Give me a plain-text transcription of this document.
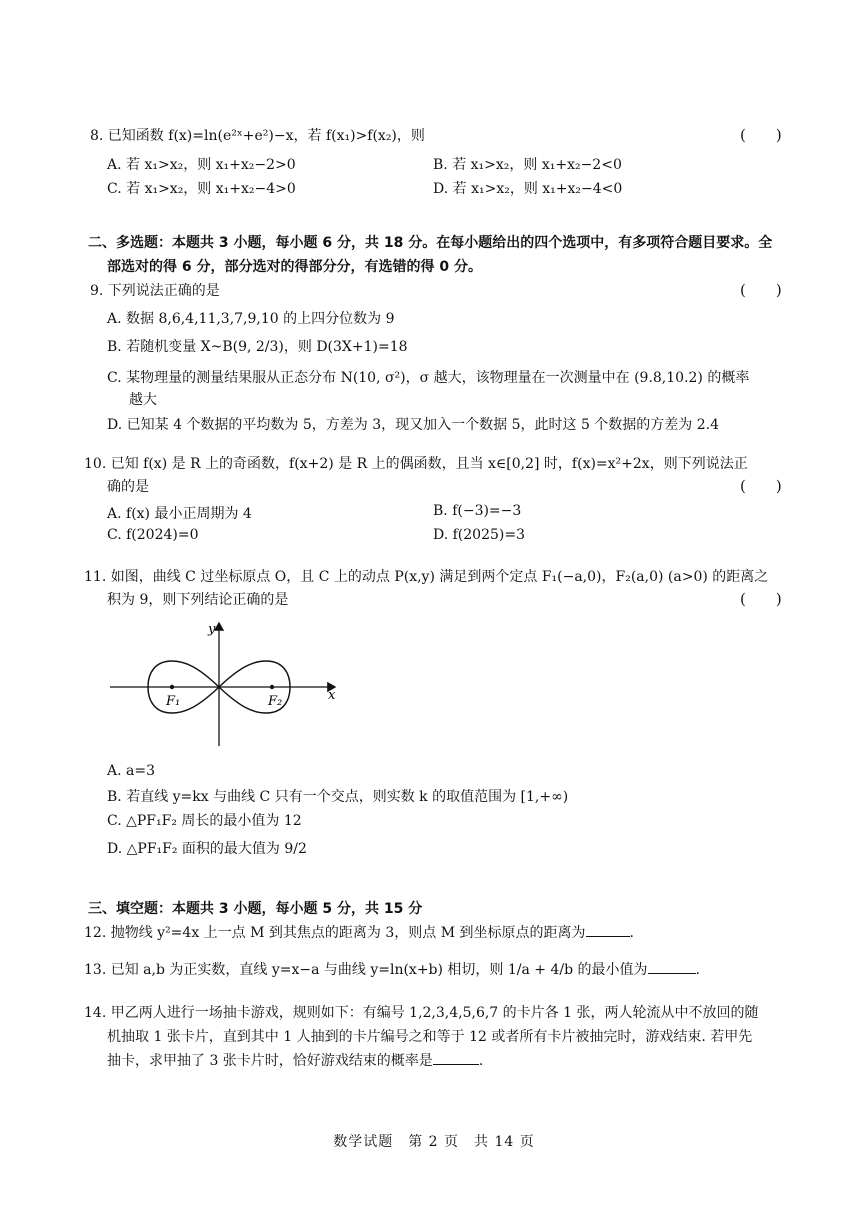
8. 已知函数 f(x)=ln(e²ˣ+e²)−x，若 f(x₁)>f(x₂)，则	(　　)
A. 若 x₁>x₂，则 x₁+x₂−2>0	B. 若 x₁>x₂，则 x₁+x₂−2<0
C. 若 x₁>x₂，则 x₁+x₂−4>0	D. 若 x₁>x₂，则 x₁+x₂−4<0
二、多选题：本题共 3 小题，每小题 6 分，共 18 分。在每小题给出的四个选项中，有多项符合题目要求。全
部选对的得 6 分，部分选对的得部分分，有选错的得 0 分。
9. 下列说法正确的是	(　　)
A. 数据 8,6,4,11,3,7,9,10 的上四分位数为 9
B. 若随机变量 X~B(9, 2/3)，则 D(3X+1)=18
C. 某物理量的测量结果服从正态分布 N(10, σ²)，σ 越大，该物理量在一次测量中在 (9.8,10.2) 的概率
越大
D. 已知某 4 个数据的平均数为 5，方差为 3，现又加入一个数据 5，此时这 5 个数据的方差为 2.4
10. 已知 f(x) 是 R 上的奇函数，f(x+2) 是 R 上的偶函数，且当 x∈[0,2] 时，f(x)=x²+2x，则下列说法正
确的是	(　　)
A. f(x) 最小正周期为 4	B. f(−3)=−3
C. f(2024)=0	D. f(2025)=3
11. 如图，曲线 C 过坐标原点 O，且 C 上的动点 P(x,y) 满足到两个定点 F₁(−a,0)，F₂(a,0) (a>0) 的距离之
积为 9，则下列结论正确的是	(　　)
y
x
F₁	F₂
A. a=3
B. 若直线 y=kx 与曲线 C 只有一个交点，则实数 k 的取值范围为 [1,+∞)
C. △PF₁F₂ 周长的最小值为 12
D. △PF₁F₂ 面积的最大值为 9/2
三、填空题：本题共 3 小题，每小题 5 分，共 15 分
12. 抛物线 y²=4x 上一点 M 到其焦点的距离为 3，则点 M 到坐标原点的距离为	.
13. 已知 a,b 为正实数，直线 y=x−a 与曲线 y=ln(x+b) 相切，则 1/a + 4/b 的最小值为	.
14. 甲乙两人进行一场抽卡游戏，规则如下：有编号 1,2,3,4,5,6,7 的卡片各 1 张，两人轮流从中不放回的随
机抽取 1 张卡片，直到其中 1 人抽到的卡片编号之和等于 12 或者所有卡片被抽完时，游戏结束. 若甲先
抽卡，求甲抽了 3 张卡片时，恰好游戏结束的概率是	.
数学试题　第 2 页　共 14 页
